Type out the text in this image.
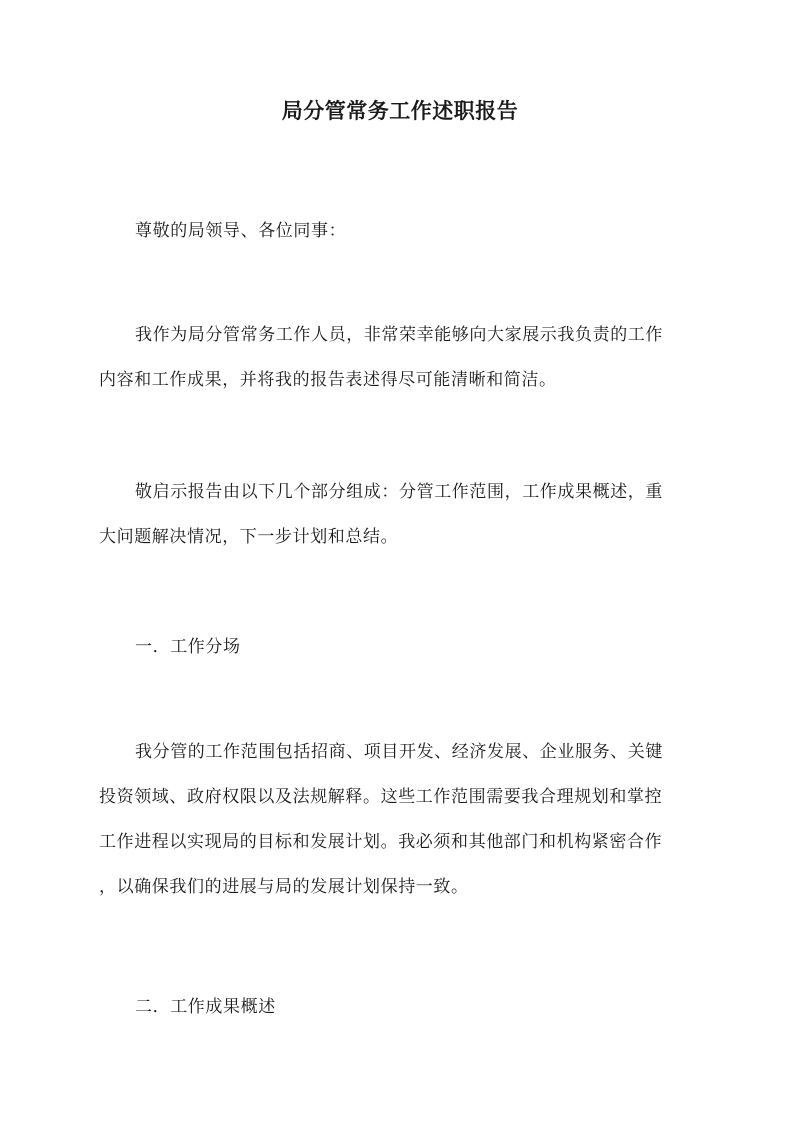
局分管常务工作述职报告

尊敬的局领导、各位同事：

我作为局分管常务工作人员，非常荣幸能够向大家展示我负责的工作
内容和工作成果，并将我的报告表述得尽可能清晰和简洁。

敬启示报告由以下几个部分组成：分管工作范围，工作成果概述，重
大问题解决情况，下一步计划和总结。

一．工作分场

我分管的工作范围包括招商、项目开发、经济发展、企业服务、关键
投资领域、政府权限以及法规解释。这些工作范围需要我合理规划和掌控
工作进程以实现局的目标和发展计划。我必须和其他部门和机构紧密合作
，以确保我们的进展与局的发展计划保持一致。

二．工作成果概述
